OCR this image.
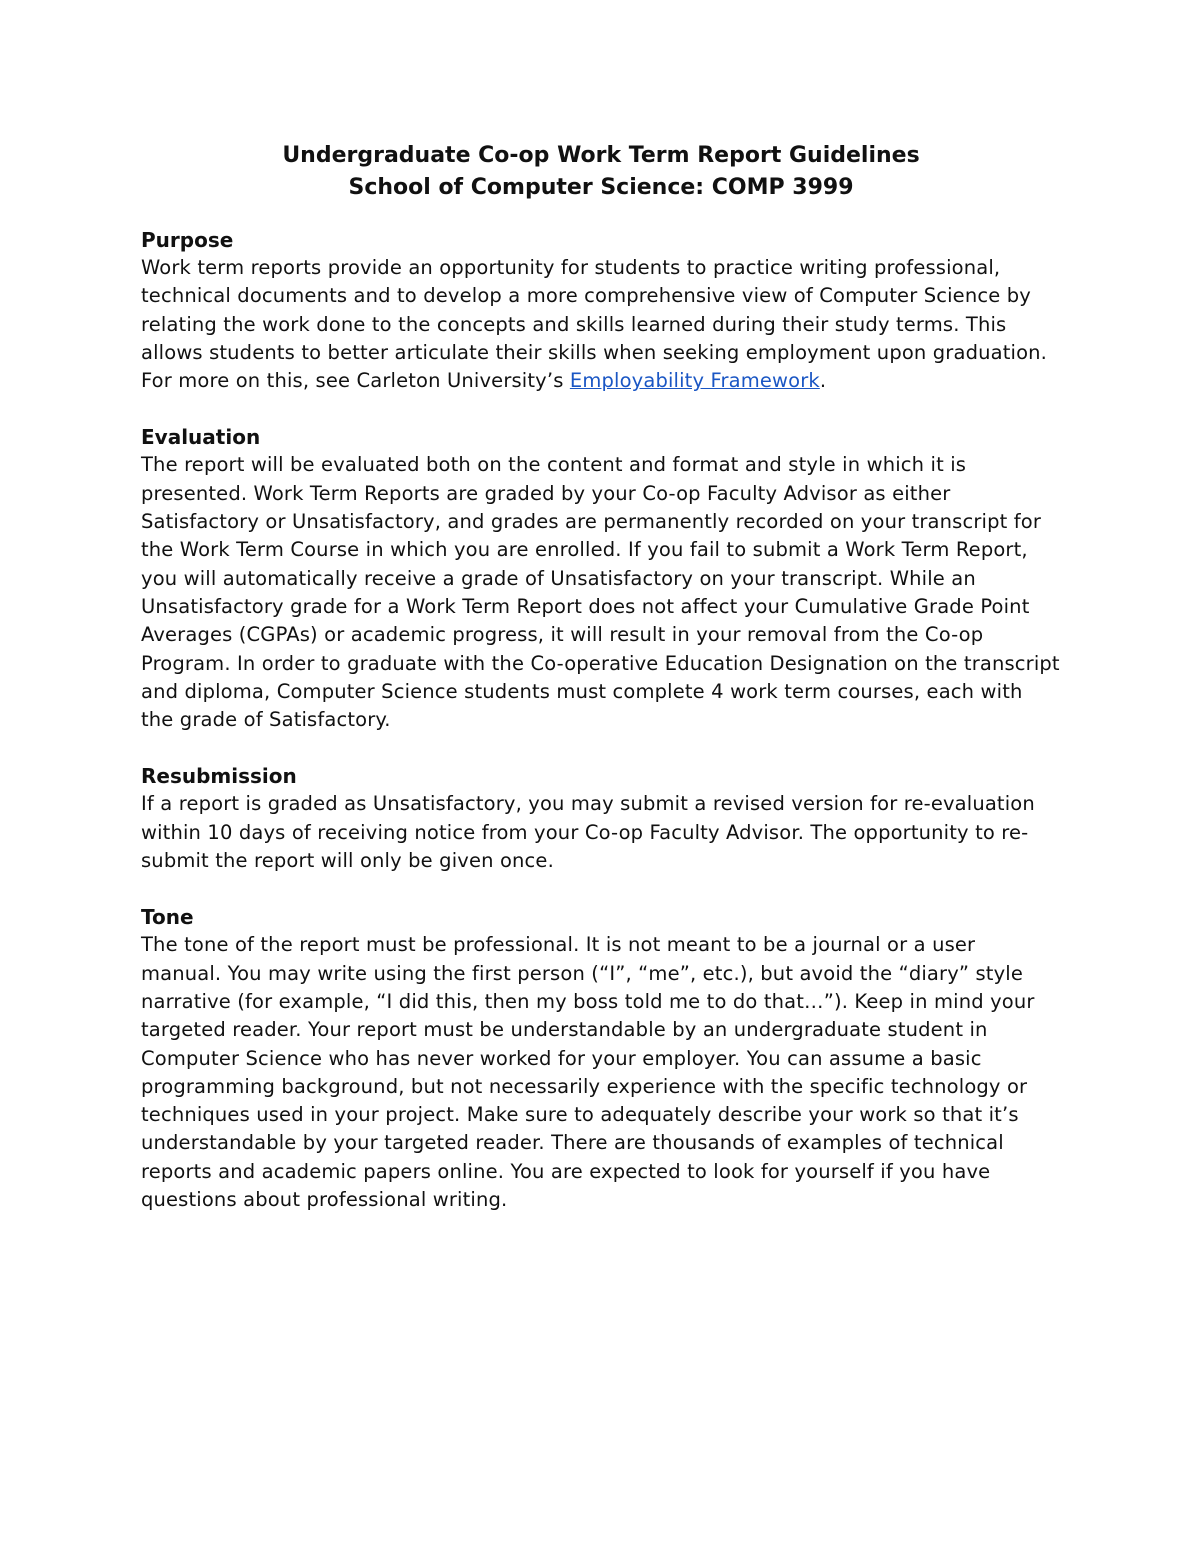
Undergraduate Co-op Work Term Report Guidelines
School of Computer Science: COMP 3999
Purpose

Work term reports provide an opportunity for students to practice writing professional, technical documents and to develop a more comprehensive view of Computer Science by relating the work done to the concepts and skills learned during their study terms. This allows students to better articulate their skills when seeking employment upon graduation. For more on this, see Carleton University’s Employability Framework.

Evaluation

The report will be evaluated both on the content and format and style in which it is presented. Work Term Reports are graded by your Co-op Faculty Advisor as either Satisfactory or Unsatisfactory, and grades are permanently recorded on your transcript for the Work Term Course in which you are enrolled. If you fail to submit a Work Term Report, you will automatically receive a grade of Unsatisfactory on your transcript. While an Unsatisfactory grade for a Work Term Report does not affect your Cumulative Grade Point Averages (CGPAs) or academic progress, it will result in your removal from the Co-op Program. In order to graduate with the Co-operative Education Designation on the transcript and diploma, Computer Science students must complete 4 work term courses, each with the grade of Satisfactory.

Resubmission

If a report is graded as Unsatisfactory, you may submit a revised version for re-evaluation within 10 days of receiving notice from your Co-op Faculty Advisor. The opportunity to re-submit the report will only be given once.

Tone

The tone of the report must be professional. It is not meant to be a journal or a user manual. You may write using the first person (“I”, “me”, etc.), but avoid the “diary” style narrative (for example, “I did this, then my boss told me to do that…”). Keep in mind your targeted reader. Your report must be understandable by an undergraduate student in Computer Science who has never worked for your employer. You can assume a basic programming background, but not necessarily experience with the specific technology or techniques used in your project. Make sure to adequately describe your work so that it’s understandable by your targeted reader. There are thousands of examples of technical reports and academic papers online. You are expected to look for yourself if you have questions about professional writing.
